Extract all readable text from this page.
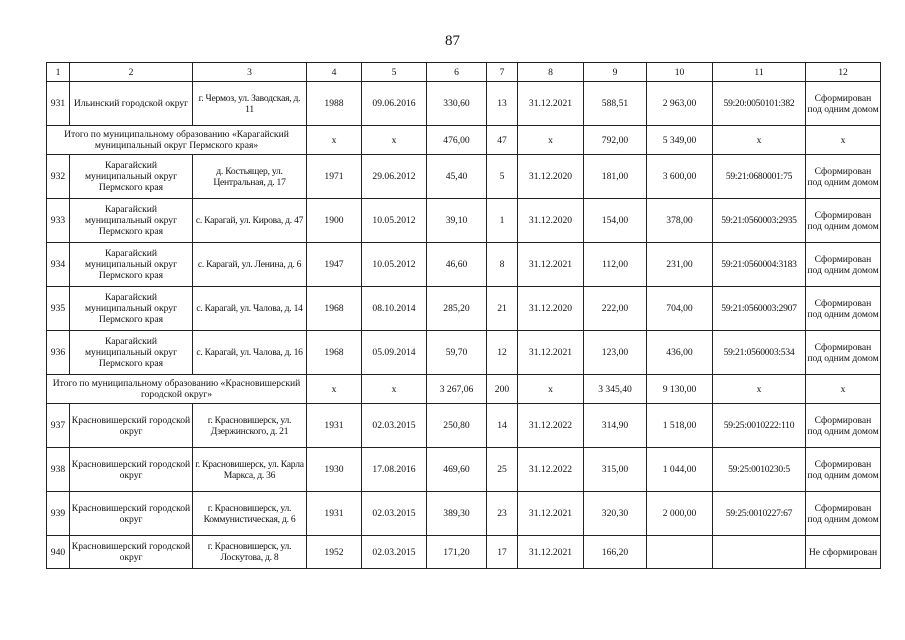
87
1	2	3	4	5	6	7	8	9	10	11	12
931	Ильинский городской округ	г. Чермоз, ул. Заводская, д. 11	1988	09.06.2016	330,60	13	31.12.2021	588,51	2 963,00	59:20:0050101:382	Сформирован под одним домом
Итого по муниципальному образованию «Карагайский муниципальный округ Пермского края»			x	x	476,00	47	x	792,00	5 349,00	x	x
932	Карагайский муниципальный округ Пермского края	д. Костьящер, ул. Центральная, д. 17	1971	29.06.2012	45,40	5	31.12.2020	181,00	3 600,00	59:21:0680001:75	Сформирован под одним домом
933	Карагайский муниципальный округ Пермского края	с. Карагай, ул. Кирова, д. 47	1900	10.05.2012	39,10	1	31.12.2020	154,00	378,00	59:21:0560003:2935	Сформирован под одним домом
934	Карагайский муниципальный округ Пермского края	с. Карагай, ул. Ленина, д. 6	1947	10.05.2012	46,60	8	31.12.2021	112,00	231,00	59:21:0560004:3183	Сформирован под одним домом
935	Карагайский муниципальный округ Пермского края	с. Карагай, ул. Чалова, д. 14	1968	08.10.2014	285,20	21	31.12.2020	222,00	704,00	59:21:0560003:2907	Сформирован под одним домом
936	Карагайский муниципальный округ Пермского края	с. Карагай, ул. Чалова, д. 16	1968	05.09.2014	59,70	12	31.12.2021	123,00	436,00	59:21:0560003:534	Сформирован под одним домом
Итого по муниципальному образованию «Красновишерский городской округ»			x	x	3 267,06	200	x	3 345,40	9 130,00	x	x
937	Красновишерский городской округ	г. Красновишерск, ул. Дзержинского, д. 21	1931	02.03.2015	250,80	14	31.12.2022	314,90	1 518,00	59:25:0010222:110	Сформирован под одним домом
938	Красновишерский городской округ	г. Красновишерск, ул. Карла Маркса, д. 36	1930	17.08.2016	469,60	25	31.12.2022	315,00	1 044,00	59:25:0010230:5	Сформирован под одним домом
939	Красновишерский городской округ	г. Красновишерск, ул. Коммунистическая, д. 6	1931	02.03.2015	389,30	23	31.12.2021	320,30	2 000,00	59:25:0010227:67	Сформирован под одним домом
940	Красновишерский городской округ	г. Красновишерск, ул. Лоскутова, д. 8	1952	02.03.2015	171,20	17	31.12.2021	166,20			Не сформирован
